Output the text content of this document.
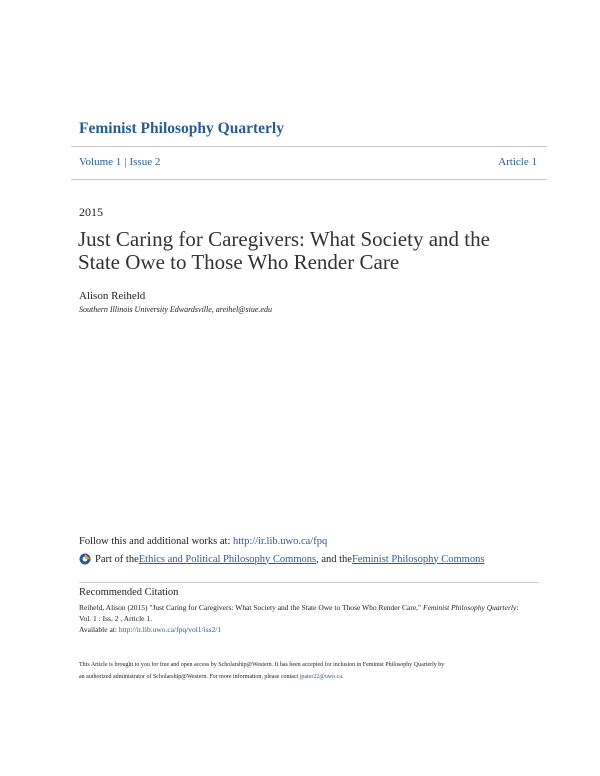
Feminist Philosophy Quarterly
Volume 1 | Issue 2	Article 1
2015
Just Caring for Caregivers: What Society and the State Owe to Those Who Render Care
Alison Reiheld
Southern Illinois University Edwardsville, areihel@siue.edu
Follow this and additional works at: http://ir.lib.uwo.ca/fpq
Part of the Ethics and Political Philosophy Commons , and the Feminist Philosophy Commons
Recommended Citation
Reiheld, Alison (2015) "Just Caring for Caregivers: What Society and the State Owe to Those Who Render Care," Feminist Philosophy Quarterly: Vol. 1 : Iss. 2 , Article 1.
Available at: http://ir.lib.uwo.ca/fpq/vol1/iss2/1
This Article is brought to you for free and open access by Scholarship@Western. It has been accepted for inclusion in Feminist Philosophy Quarterly by
an authorized administrator of Scholarship@Western. For more information, please contact jpater22@uwo.ca.
